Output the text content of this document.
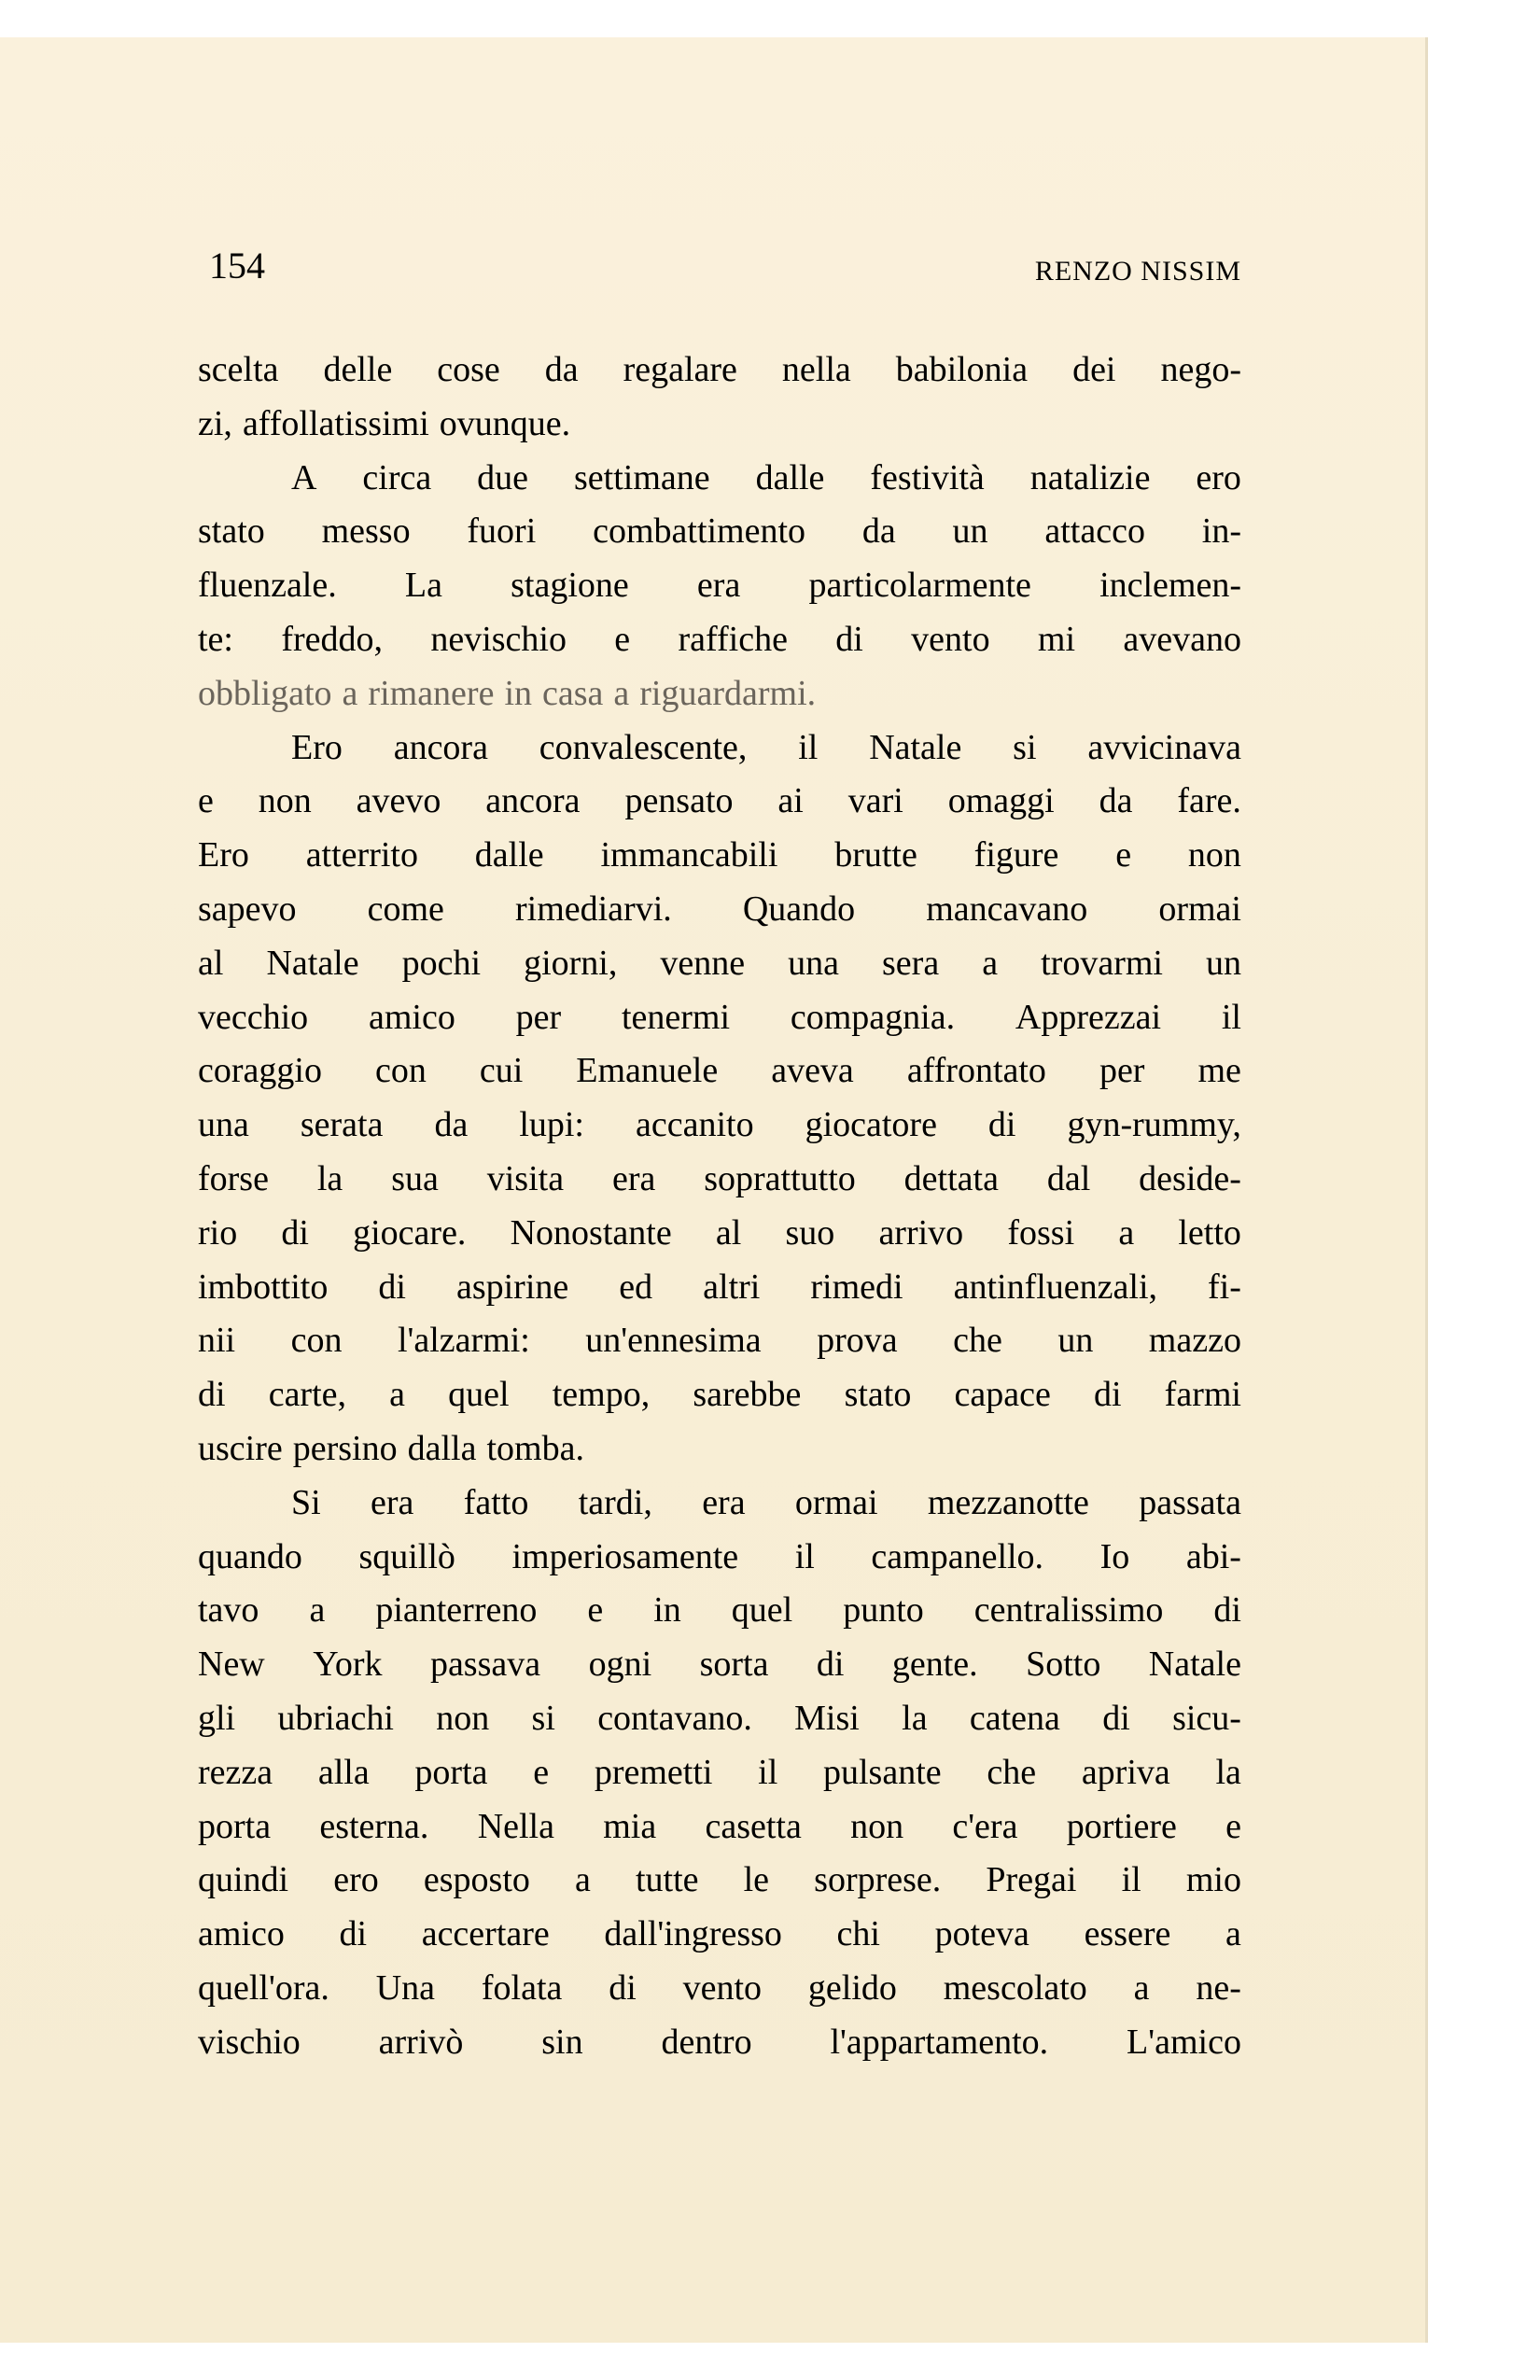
154	RENZO NISSIM
scelta delle cose da regalare nella babilonia dei nego-
zi, affollatissimi ovunque.
A circa due settimane dalle festività natalizie ero
stato messo fuori combattimento da un attacco in-
fluenzale. La stagione era particolarmente inclemen-
te: freddo, nevischio e raffiche di vento mi avevano
obbligato a rimanere in casa a riguardarmi.
Ero ancora convalescente, il Natale si avvicinava
e non avevo ancora pensato ai vari omaggi da fare.
Ero atterrito dalle immancabili brutte figure e non
sapevo come rimediarvi. Quando mancavano ormai
al Natale pochi giorni, venne una sera a trovarmi un
vecchio amico per tenermi compagnia. Apprezzai il
coraggio con cui Emanuele aveva affrontato per me
una serata da lupi: accanito giocatore di gyn-rummy,
forse la sua visita era soprattutto dettata dal deside-
rio di giocare. Nonostante al suo arrivo fossi a letto
imbottito di aspirine ed altri rimedi antinfluenzali, fi-
nii con l'alzarmi: un'ennesima prova che un mazzo
di carte, a quel tempo, sarebbe stato capace di farmi
uscire persino dalla tomba.
Si era fatto tardi, era ormai mezzanotte passata
quando squillò imperiosamente il campanello. Io abi-
tavo a pianterreno e in quel punto centralissimo di
New York passava ogni sorta di gente. Sotto Natale
gli ubriachi non si contavano. Misi la catena di sicu-
rezza alla porta e premetti il pulsante che apriva la
porta esterna. Nella mia casetta non c'era portiere e
quindi ero esposto a tutte le sorprese. Pregai il mio
amico di accertare dall'ingresso chi poteva essere a
quell'ora. Una folata di vento gelido mescolato a ne-
vischio arrivò sin dentro l'appartamento. L'amico
